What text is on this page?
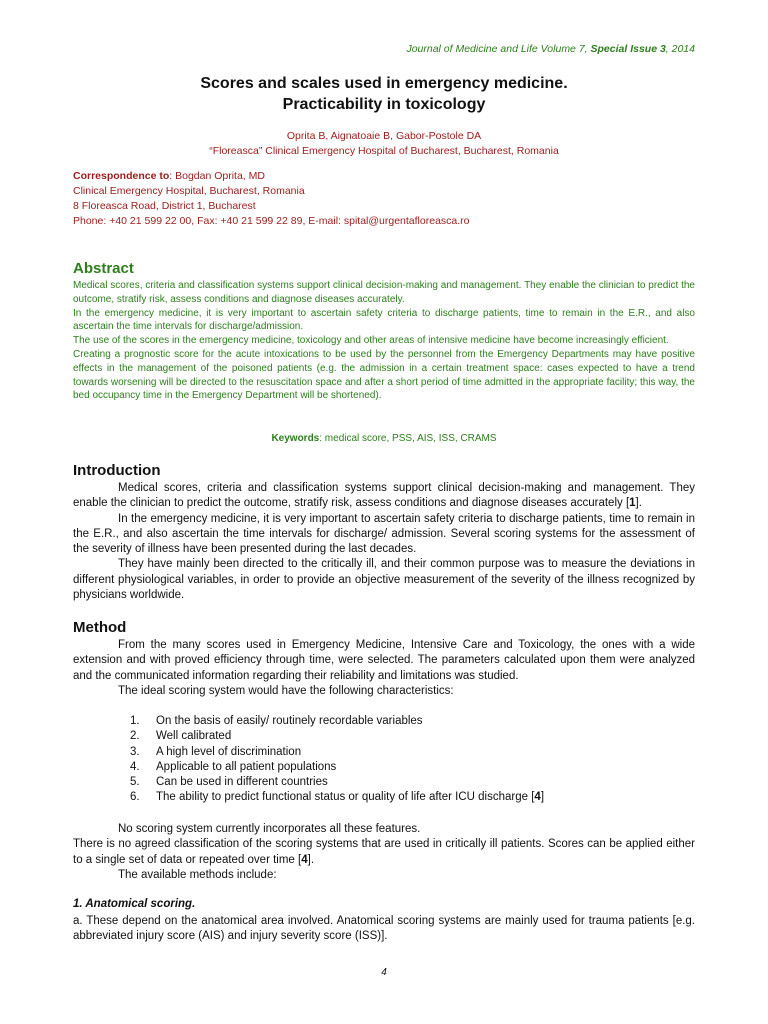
Journal of Medicine and Life Volume 7, Special Issue 3, 2014
Scores and scales used in emergency medicine.
Practicability in toxicology
Oprita B, Aignatoaie B, Gabor-Postole DA
“Floreasca” Clinical Emergency Hospital of Bucharest, Bucharest, Romania
Correspondence to: Bogdan Oprita, MD
Clinical Emergency Hospital, Bucharest, Romania
8 Floreasca Road, District 1, Bucharest
Phone: +40 21 599 22 00, Fax: +40 21 599 22 89, E-mail: spital@urgentafloreasca.ro
Abstract

Medical scores, criteria and classification systems support clinical decision-making and management. They enable the clinician to predict the outcome, stratify risk, assess conditions and diagnose diseases accurately.

In the emergency medicine, it is very important to ascertain safety criteria to discharge patients, time to remain in the E.R., and also ascertain the time intervals for discharge/admission.

The use of the scores in the emergency medicine, toxicology and other areas of intensive medicine have become increasingly efficient.

Creating a prognostic score for the acute intoxications to be used by the personnel from the Emergency Departments may have positive effects in the management of the poisoned patients (e.g. the admission in a certain treatment space: cases expected to have a trend towards worsening will be directed to the resuscitation space and after a short period of time admitted in the appropriate facility; this way, the bed occupancy time in the Emergency Department will be shortened).

Keywords: medical score, PSS, AIS, ISS, CRAMS
Introduction

Medical scores, criteria and classification systems support clinical decision-making and management. They enable the clinician to predict the outcome, stratify risk, assess conditions and diagnose diseases accurately [1].

In the emergency medicine, it is very important to ascertain safety criteria to discharge patients, time to remain in the E.R., and also ascertain the time intervals for discharge/ admission. Several scoring systems for the assessment of the severity of illness have been presented during the last decades.

They have mainly been directed to the critically ill, and their common purpose was to measure the deviations in different physiological variables, in order to provide an objective measurement of the severity of the illness recognized by physicians worldwide.

Method

From the many scores used in Emergency Medicine, Intensive Care and Toxicology, the ones with a wide extension and with proved efficiency through time, were selected. The parameters calculated upon them were analyzed and the communicated information regarding their reliability and limitations was studied.

The ideal scoring system would have the following characteristics:

1.	On the basis of easily/ routinely recordable variables
2.	Well calibrated
3.	A high level of discrimination
4.	Applicable to all patient populations
5.	Can be used in different countries
6.	The ability to predict functional status or quality of life after ICU discharge [4]

No scoring system currently incorporates all these features.

There is no agreed classification of the scoring systems that are used in critically ill patients. Scores can be applied either to a single set of data or repeated over time [4].

The available methods include:

1. Anatomical scoring.

a. These depend on the anatomical area involved. Anatomical scoring systems are mainly used for trauma patients [e.g. abbreviated injury score (AIS) and injury severity score (ISS)].

4
